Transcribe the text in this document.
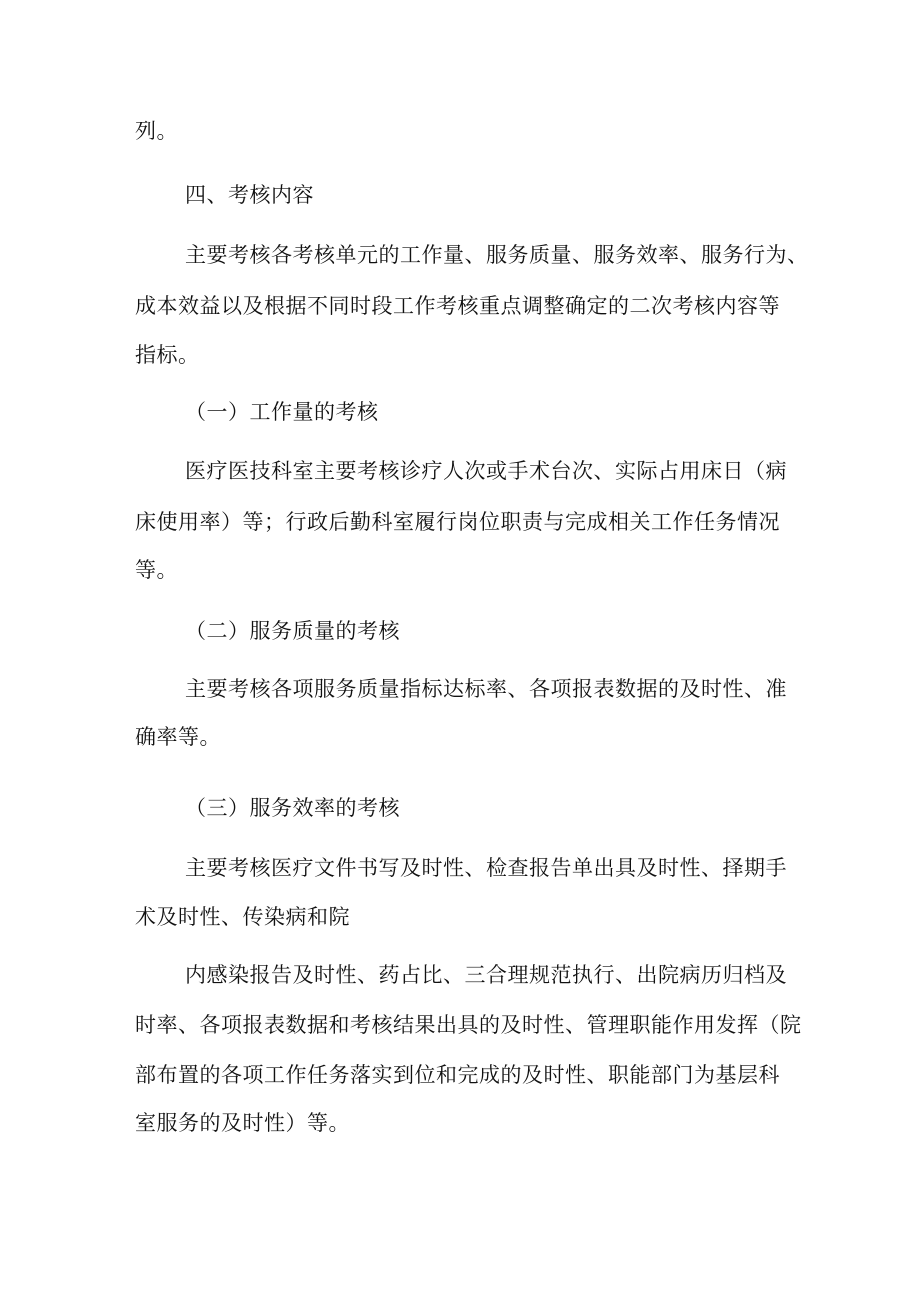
列。
四、考核内容
主要考核各考核单元的工作量、服务质量、服务效率、服务行为、
成本效益以及根据不同时段工作考核重点调整确定的二次考核内容等
指标。
（一）工作量的考核
医疗医技科室主要考核诊疗人次或手术台次、实际占用床日（病
床使用率）等；行政后勤科室履行岗位职责与完成相关工作任务情况
等。
（二）服务质量的考核
主要考核各项服务质量指标达标率、各项报表数据的及时性、准
确率等。
（三）服务效率的考核
主要考核医疗文件书写及时性、检查报告单出具及时性、择期手
术及时性、传染病和院
内感染报告及时性、药占比、三合理规范执行、出院病历归档及
时率、各项报表数据和考核结果出具的及时性、管理职能作用发挥（院
部布置的各项工作任务落实到位和完成的及时性、职能部门为基层科
室服务的及时性）等。
